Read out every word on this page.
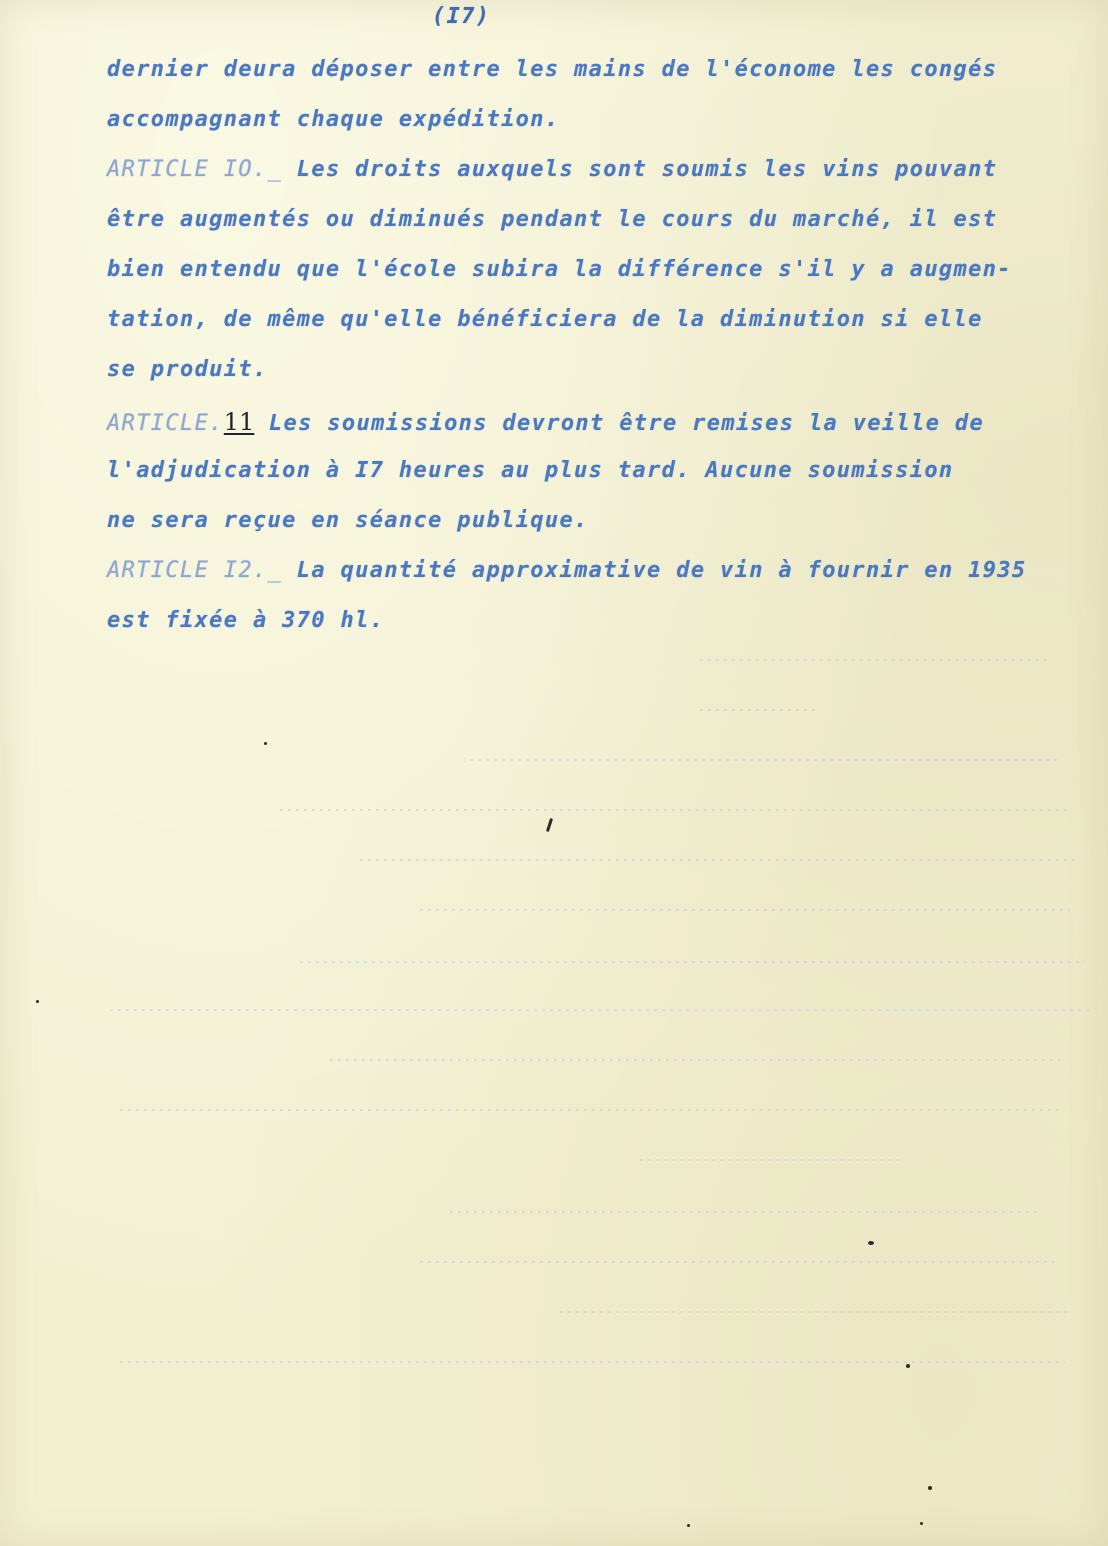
(I7)
dernier deura déposer entre les mains de l'économe les congés
accompagnant chaque expédition.
ARTICLE IO._ Les droits auxquels sont soumis les vins pouvant
être augmentés ou diminués pendant le cours du marché, il est
bien entendu que l'école subira la différence s'il y a augmen-
tation, de même qu'elle bénéficiera de la diminution si elle
se produit.
ARTICLE.11 Les soumissions devront être remises la veille de
l'adjudication à I7 heures au plus tard. Aucune soumission
ne sera reçue en séance publique.
ARTICLE I2._ La quantité approximative de vin à fournir en 1935
est fixée à 370 hl.
